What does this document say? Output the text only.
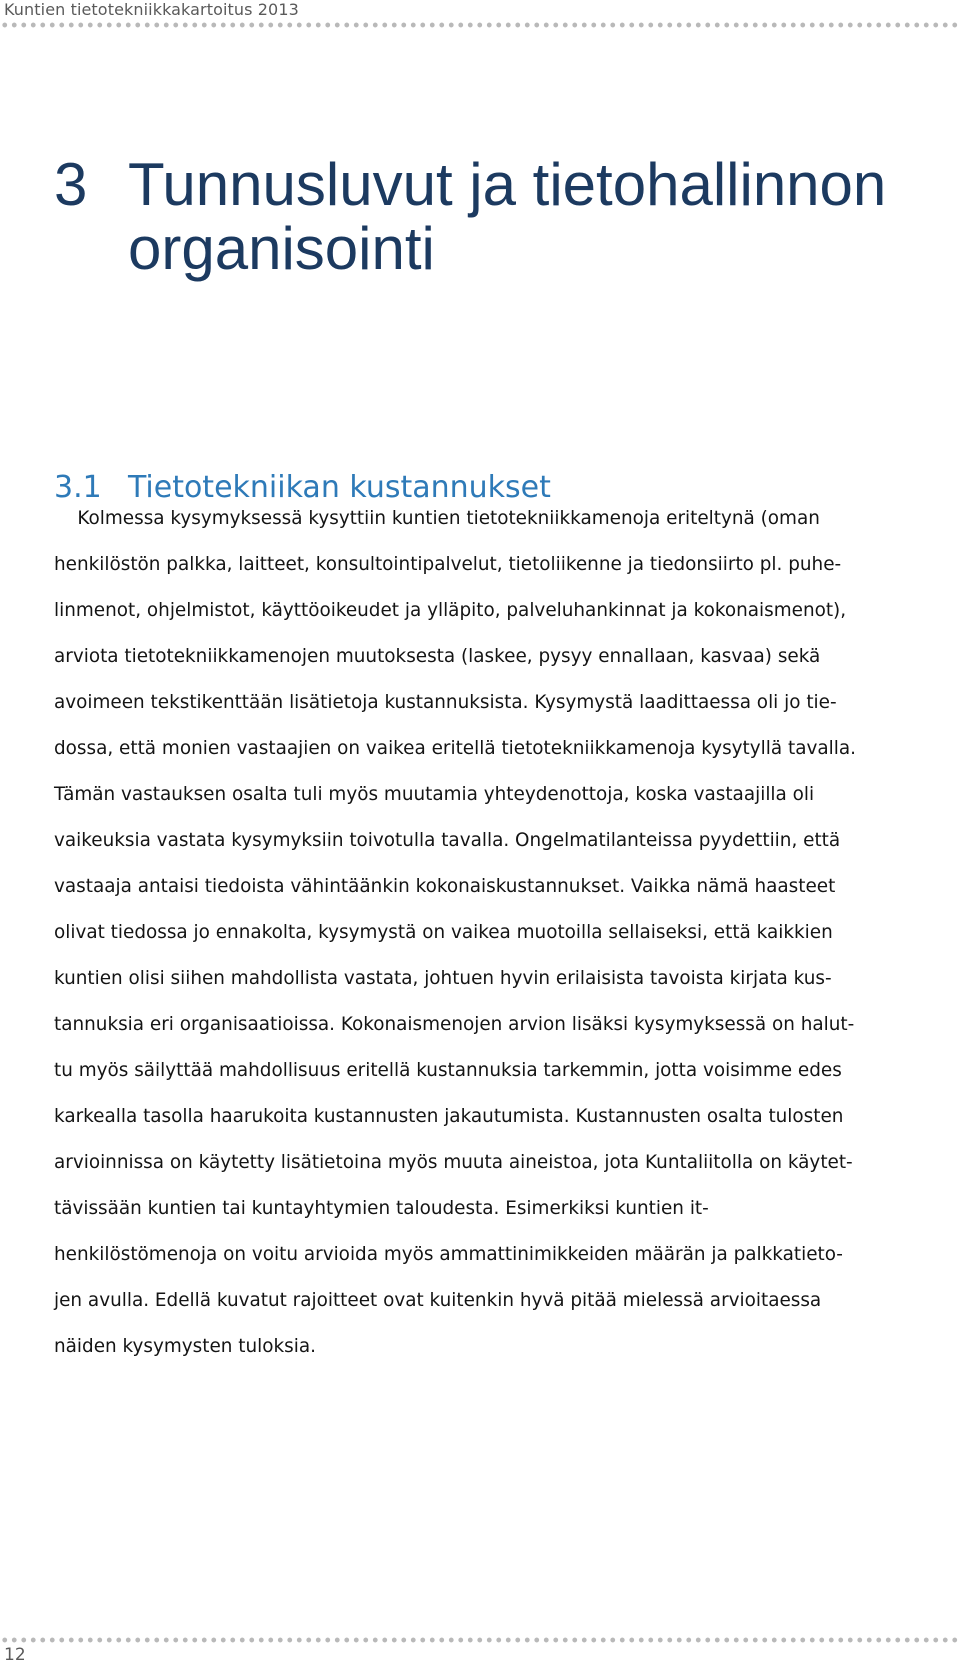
Kuntien tietotekniikkakartoitus 2013
3 Tunnusluvut ja tietohallinnon organisointi
3.1 Tietotekniikan kustannukset
Kolmessa kysymyksessä kysyttiin kuntien tietotekniikkamenoja eriteltynä (oman
henkilöstön palkka, laitteet, konsultointipalvelut, tietoliikenne ja tiedonsiirto pl. puhe-
linmenot, ohjelmistot, käyttöoikeudet ja ylläpito, palveluhankinnat ja kokonaismenot),
arviota tietotekniikkamenojen muutoksesta (laskee, pysyy ennallaan, kasvaa) sekä
avoimeen tekstikenttään lisätietoja kustannuksista. Kysymystä laadittaessa oli jo tie-
dossa, että monien vastaajien on vaikea eritellä tietotekniikkamenoja kysytyllä tavalla.
Tämän vastauksen osalta tuli myös muutamia yhteydenottoja, koska vastaajilla oli
vaikeuksia vastata kysymyksiin toivotulla tavalla. Ongelmatilanteissa pyydettiin, että
vastaaja antaisi tiedoista vähintäänkin kokonaiskustannukset. Vaikka nämä haasteet
olivat tiedossa jo ennakolta, kysymystä on vaikea muotoilla sellaiseksi, että kaikkien
kuntien olisi siihen mahdollista vastata, johtuen hyvin erilaisista tavoista kirjata kus-
tannuksia eri organisaatioissa. Kokonaismenojen arvion lisäksi kysymyksessä on halut-
tu myös säilyttää mahdollisuus eritellä kustannuksia tarkemmin, jotta voisimme edes
karkealla tasolla haarukoita kustannusten jakautumista. Kustannusten osalta tulosten
arvioinnissa on käytetty lisätietoina myös muuta aineistoa, jota Kuntaliitolla on käytet-
tävissään kuntien tai kuntayhtymien taloudesta. Esimerkiksi kuntien it-
henkilöstömenoja on voitu arvioida myös ammattinimikkeiden määrän ja palkkatieto-
jen avulla. Edellä kuvatut rajoitteet ovat kuitenkin hyvä pitää mielessä arvioitaessa
näiden kysymysten tuloksia.
12
